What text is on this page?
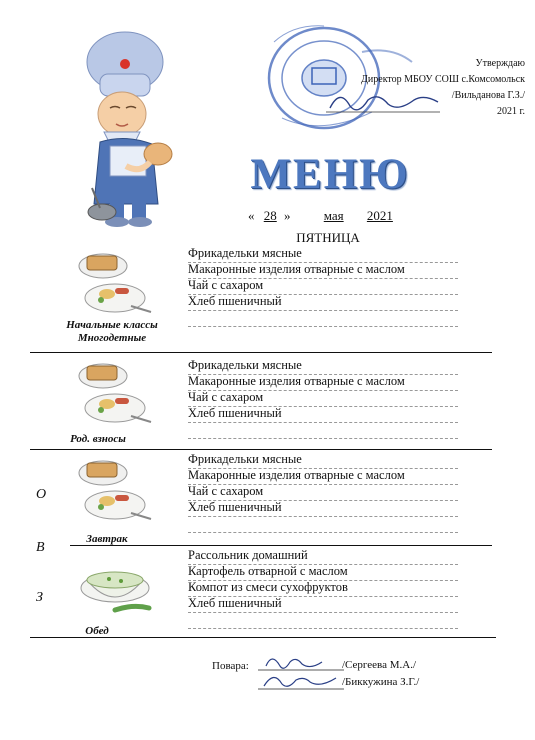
Утверждаю
Директор МБОУ СОШ с.Комсомольск
/Вильданова Г.З./
2021 г.
МЕНЮ
« 28 »	мая 2021
ПЯТНИЦА
Начальные классы
Многодетные
Фрикадельки мясные
Макаронные изделия отварные с маслом
Чай с сахаром
Хлеб пшеничный
Род. взносы
Фрикадельки мясные
Макаронные изделия отварные с маслом
Чай с сахаром
Хлеб пшеничный
О
В
З
Завтрак
Фрикадельки мясные
Макаронные изделия отварные с маслом
Чай с сахаром
Хлеб пшеничный
Обед
Рассольник домашний
Картофель отварной с маслом
Компот из смеси сухофруктов
Хлеб пшеничный
Повара:	/Сергеева М.А./
/Биккужина З.Г./
